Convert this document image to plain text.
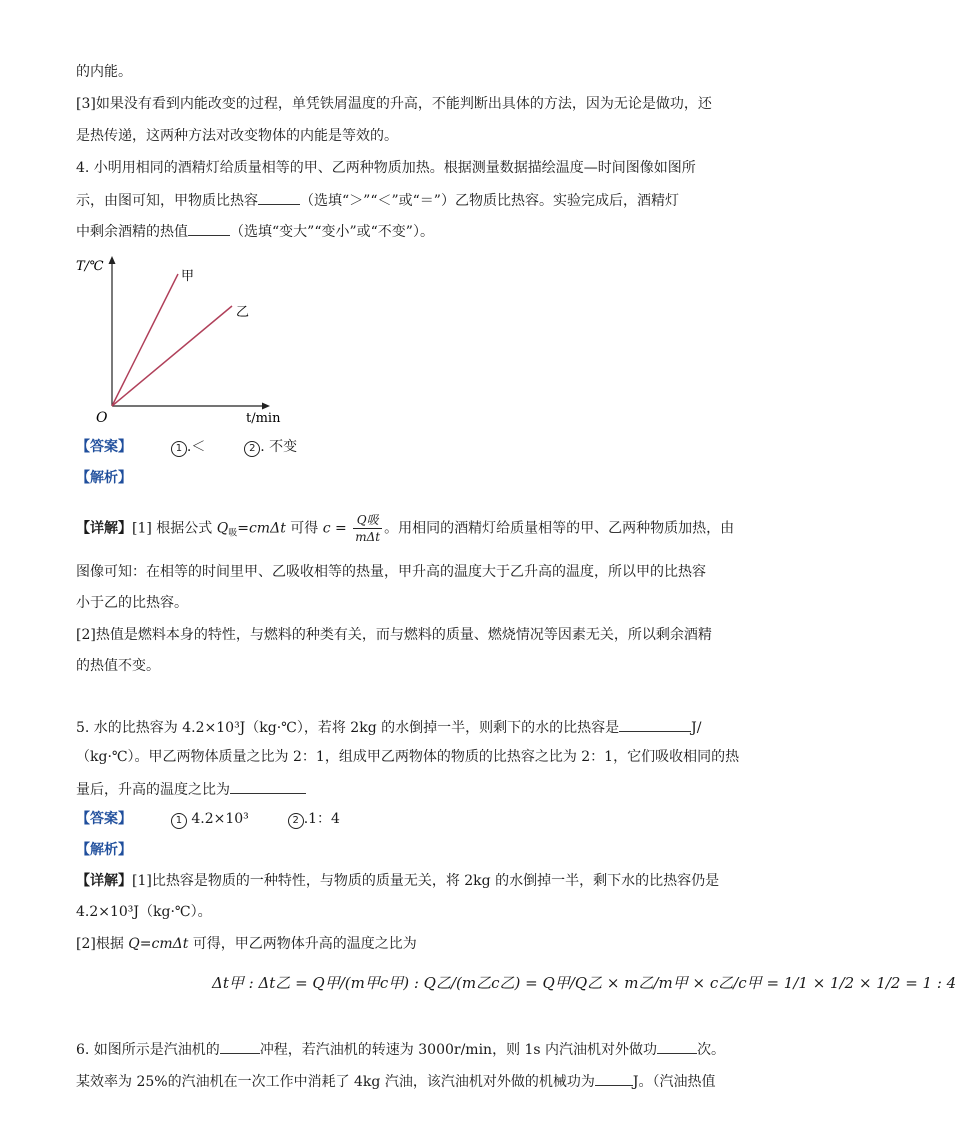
的内能。
[3]如果没有看到内能改变的过程，单凭铁屑温度的升高，不能判断出具体的方法，因为无论是做功，还
是热传递，这两种方法对改变物体的内能是等效的。
4. 小明用相同的酒精灯给质量相等的甲、乙两种物质加热。根据测量数据描绘温度—时间图像如图所
示，由图可知，甲物质比热容	（选填“＞”“＜”或“＝”）乙物质比热容。实验完成后，酒精灯
中剩余酒精的热值	（选填“变大”“变小”或“不变”）。
T/℃
t/min
O
甲
乙
【答案】	1 .＜	2 . 不变
【解析】
【详解】[1] 根据公式 $Q_吸=cm\Delta t$ 可得 $c = \frac{\text{Q吸}}{\text{mΔt}}$ 。用相同的酒精灯给质量相等的甲、乙两种物质加热，由
图像可知：在相等的时间里甲、乙吸收相等的热量，甲升高的温度大于乙升高的温度，所以甲的比热容
小于乙的比热容。
[2]热值是燃料本身的特性，与燃料的种类有关，而与燃料的质量、燃烧情况等因素无关，所以剩余酒精
的热值不变。
5. 水的比热容为 4.2×10³J（kg·℃），若将 2kg 的水倒掉一半，则剩下的水的比热容是	J/
（kg·℃）。甲乙两物体质量之比为 2：1，组成甲乙两物体的物质的比热容之比为 2：1，它们吸收相同的热
量后，升高的温度之比为
【答案】	1 4.2×10³	2 .1：4
【解析】
【详解】[1]比热容是物质的一种特性，与物质的质量无关，将 2kg 的水倒掉一半，剩下水的比热容仍是
4.2×10³J（kg·℃）。
[2]根据 Q=cmΔt 可得，甲乙两物体升高的温度之比为
Δt甲 : Δt乙 = Q甲/(m甲c甲) : Q乙/(m乙c乙) = Q甲/Q乙 × m乙/m甲 × c乙/c甲 = 1/1 × 1/2 × 1/2 = 1 : 4
6. 如图所示是汽油机的	冲程，若汽油机的转速为 3000r/min，则 1s 内汽油机对外做功	次。
某效率为 25%的汽油机在一次工作中消耗了 4kg 汽油，该汽油机对外做的机械功为	J。（汽油热值
